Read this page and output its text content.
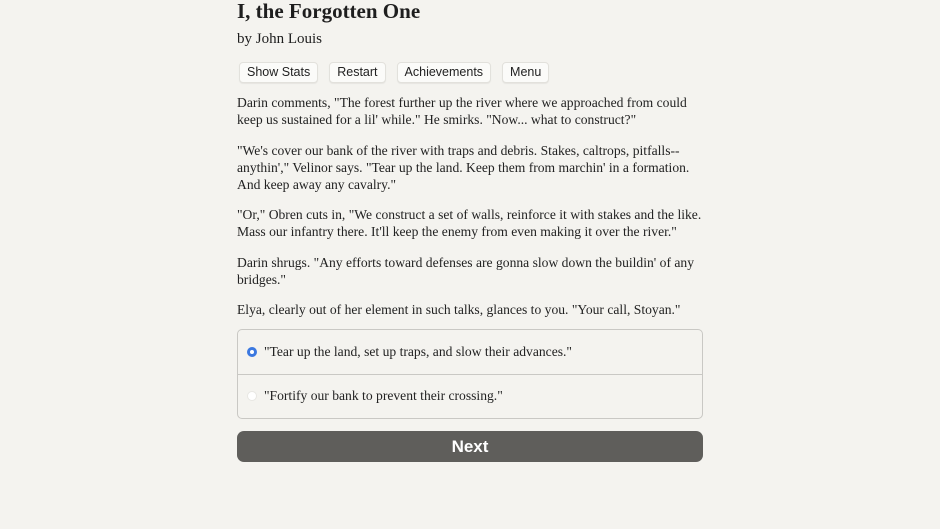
I, the Forgotten One
by John Louis
Show Stats	Restart	Achievements	Menu

Darin comments, "The forest further up the river where we approached from could keep us sustained for a lil' while." He smirks. "Now... what to construct?"

"We's cover our bank of the river with traps and debris. Stakes, caltrops, pitfalls--anythin'," Velinor says. "Tear up the land. Keep them from marchin' in a formation. And keep away any cavalry."

"Or," Obren cuts in, "We construct a set of walls, reinforce it with stakes and the like. Mass our infantry there. It'll keep the enemy from even making it over the river."

Darin shrugs. "Any efforts toward defenses are gonna slow down the buildin' of any bridges."

Elya, clearly out of her element in such talks, glances to you. "Your call, Stoyan."

"Tear up the land, set up traps, and slow their advances."
"Fortify our bank to prevent their crossing."
Next
